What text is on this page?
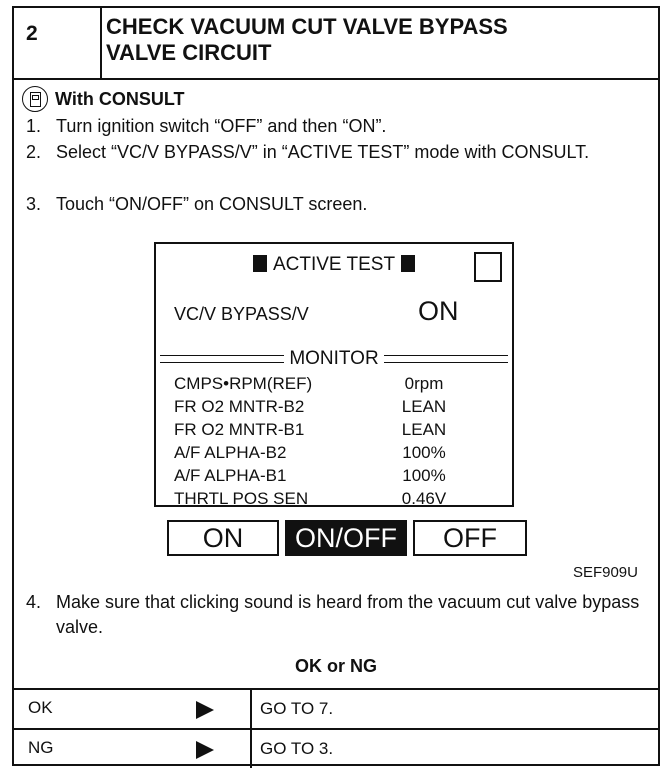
2	CHECK VACUUM CUT VALVE BYPASS
VALVE CIRCUIT
With CONSULT
1. Turn ignition switch “OFF” and then “ON”.
2. Select “VC/V BYPASS/V” in “ACTIVE TEST” mode with CONSULT.
3. Touch “ON/OFF” on CONSULT screen.
ACTIVE TEST
VC/V BYPASS/V	ON
MONITOR
CMPS•RPM(REF)	0rpm
FR O2 MNTR-B2	LEAN
FR O2 MNTR-B1	LEAN
A/F ALPHA-B2	100%
A/F ALPHA-B1	100%
THRTL POS SEN	0.46V
ON	ON/OFF	OFF
SEF909U
4. Make sure that clicking sound is heard from the vacuum cut valve bypass valve.
OK or NG
OK	GO TO 7.
NG	GO TO 3.
